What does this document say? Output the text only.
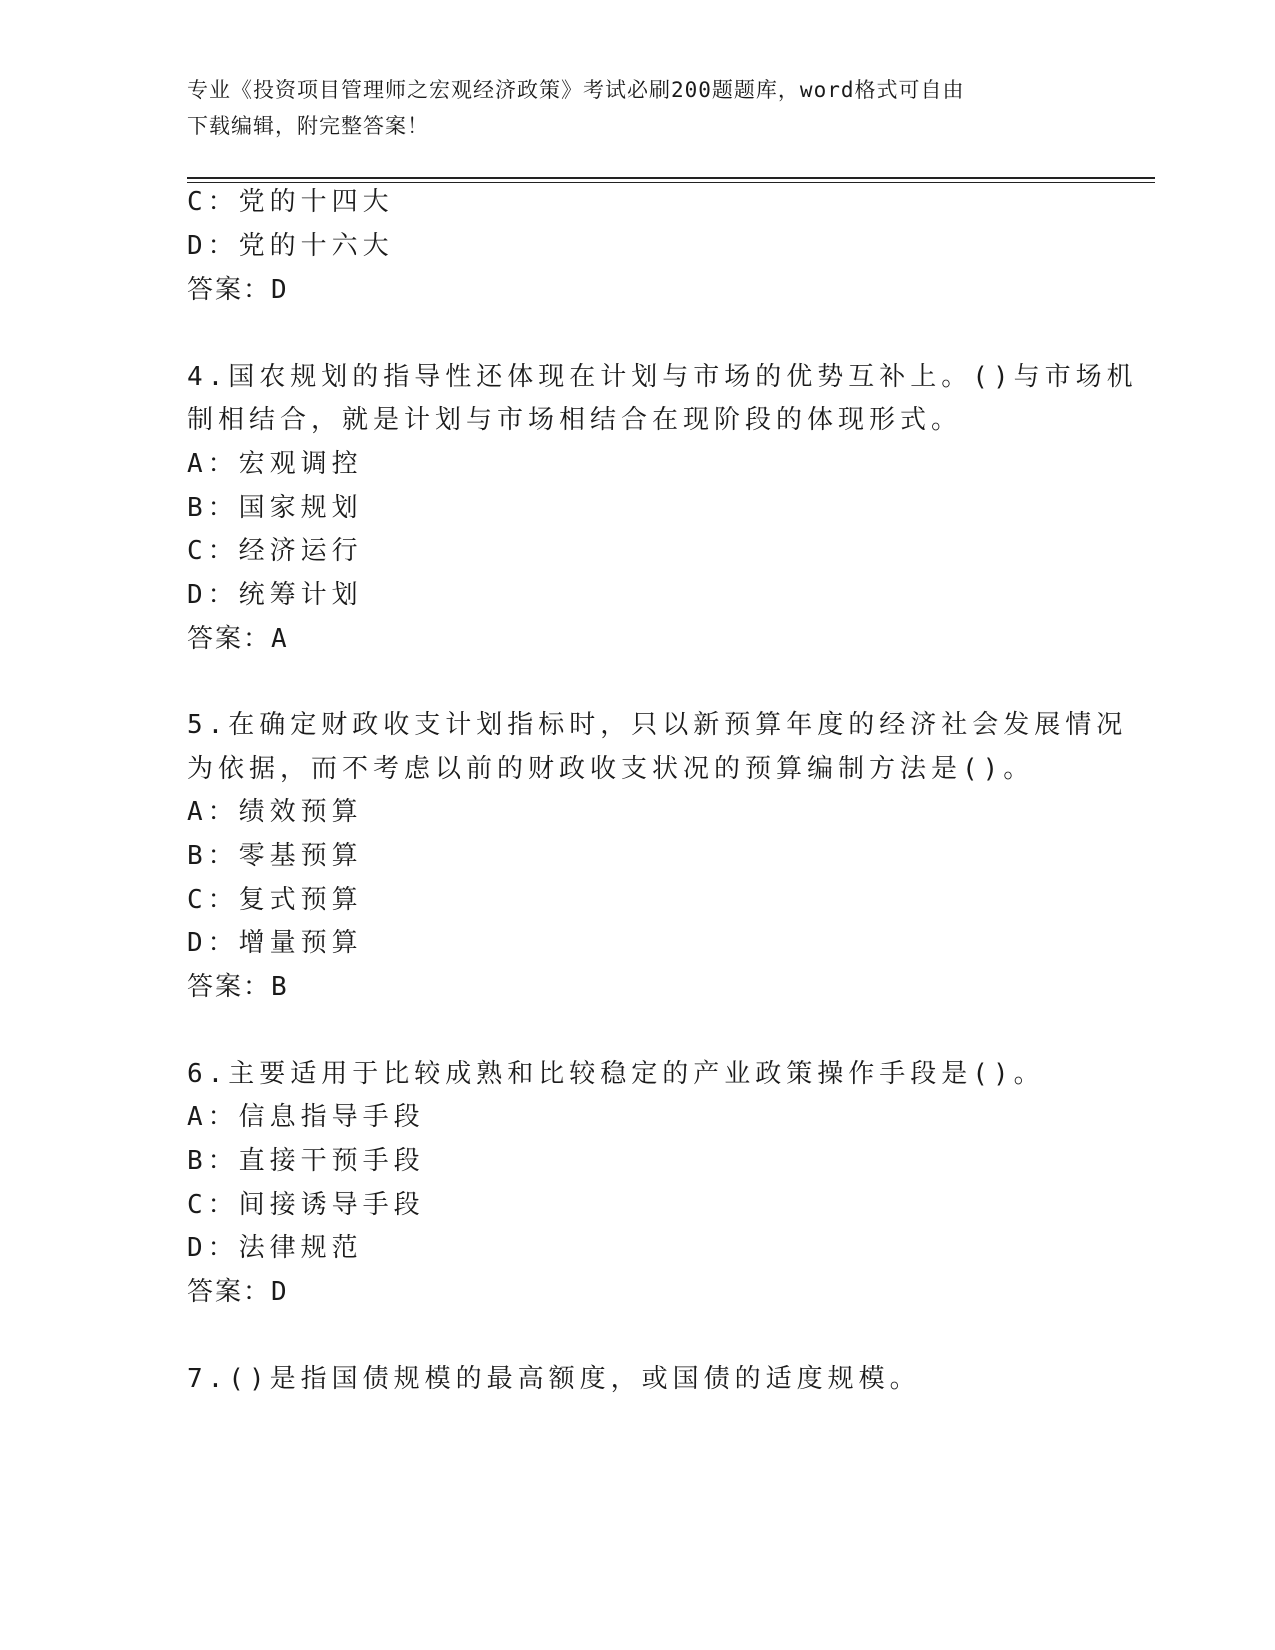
专业《投资项目管理师之宏观经济政策》考试必刷200题题库，word格式可自由
下载编辑，附完整答案！
C：党的十四大
D：党的十六大
答案：D
4.国农规划的指导性还体现在计划与市场的优势互补上。()与市场机
制相结合，就是计划与市场相结合在现阶段的体现形式。
A：宏观调控
B：国家规划
C：经济运行
D：统筹计划
答案：A
5.在确定财政收支计划指标时，只以新预算年度的经济社会发展情况
为依据，而不考虑以前的财政收支状况的预算编制方法是()。
A：绩效预算
B：零基预算
C：复式预算
D：增量预算
答案：B
6.主要适用于比较成熟和比较稳定的产业政策操作手段是()。
A：信息指导手段
B：直接干预手段
C：间接诱导手段
D：法律规范
答案：D
7.()是指国债规模的最高额度，或国债的适度规模。
